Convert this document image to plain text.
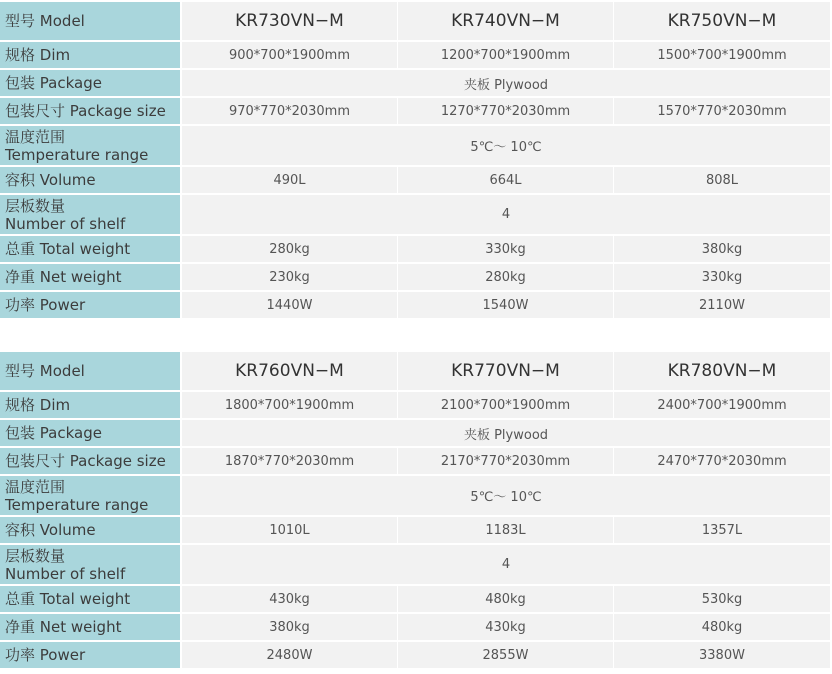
型号 Model	KR730VN−M	KR740VN−M	KR750VN−M
规格 Dim	900*700*1900mm	1200*700*1900mm	1500*700*1900mm
包装 Package	夹板 Plywood		
包装尺寸 Package size	970*770*2030mm	1270*770*2030mm	1570*770*2030mm

温度范围
Temperature range	5℃～ 10℃		
容积 Volume	490L	664L	808L

层板数量
Number of shelf	4		
总重 Total weight	280kg	330kg	380kg
净重 Net weight	230kg	280kg	330kg
功率 Power	1440W	1540W	2110W
型号 Model	KR760VN−M	KR770VN−M	KR780VN−M
规格 Dim	1800*700*1900mm	2100*700*1900mm	2400*700*1900mm
包装 Package	夹板 Plywood		
包装尺寸 Package size	1870*770*2030mm	2170*770*2030mm	2470*770*2030mm

温度范围
Temperature range	5℃～ 10℃		
容积 Volume	1010L	1183L	1357L

层板数量
Number of shelf	4		
总重 Total weight	430kg	480kg	530kg
净重 Net weight	380kg	430kg	480kg
功率 Power	2480W	2855W	3380W
